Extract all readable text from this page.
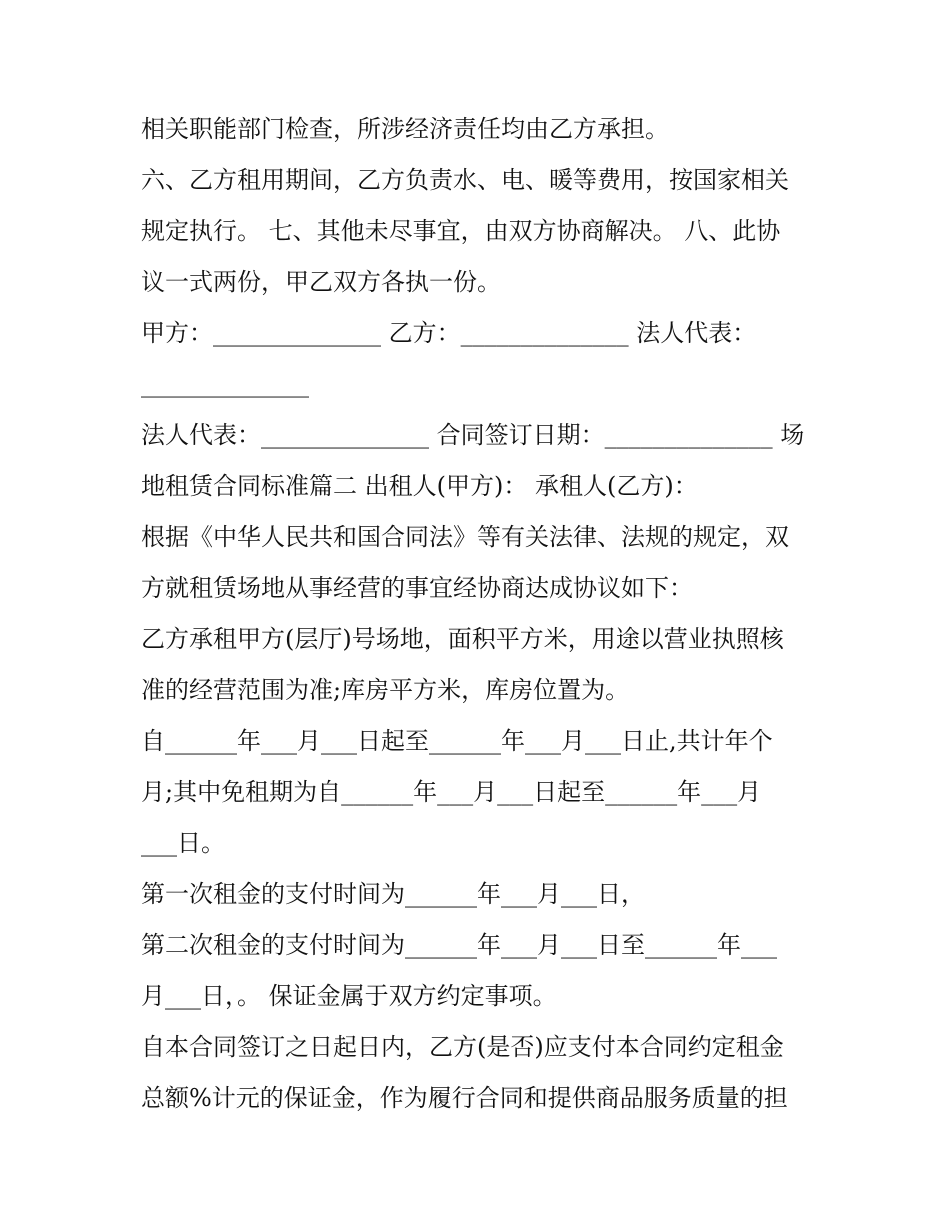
相关职能部门检查，所涉经济责任均由乙方承担。
六、乙方租用期间，乙方负责水、电、暖等费用，按国家相关
规定执行。 七、其他未尽事宜，由双方协商解决。 八、此协
议一式两份，甲乙双方各执一份。
甲方：______________ 乙方：______________ 法人代表：
______________
法人代表：______________ 合同签订日期：______________ 场
地租赁合同标准篇二 出租人(甲方)： 承租人(乙方)：
根据《中华人民共和国合同法》等有关法律、法规的规定，双
方就租赁场地从事经营的事宜经协商达成协议如下：
乙方承租甲方(层厅)号场地，面积平方米，用途以营业执照核
准的经营范围为准;库房平方米，库房位置为。
自______年___月___日起至______年___月___日止,共计年个
月;其中免租期为自______年___月___日起至______年___月
___日。
第一次租金的支付时间为______年___月___日，
第二次租金的支付时间为______年___月___日至______年___
月___日，。 保证金属于双方约定事项。
自本合同签订之日起日内，乙方(是否)应支付本合同约定租金
总额%计元的保证金，作为履行合同和提供商品服务质量的担
